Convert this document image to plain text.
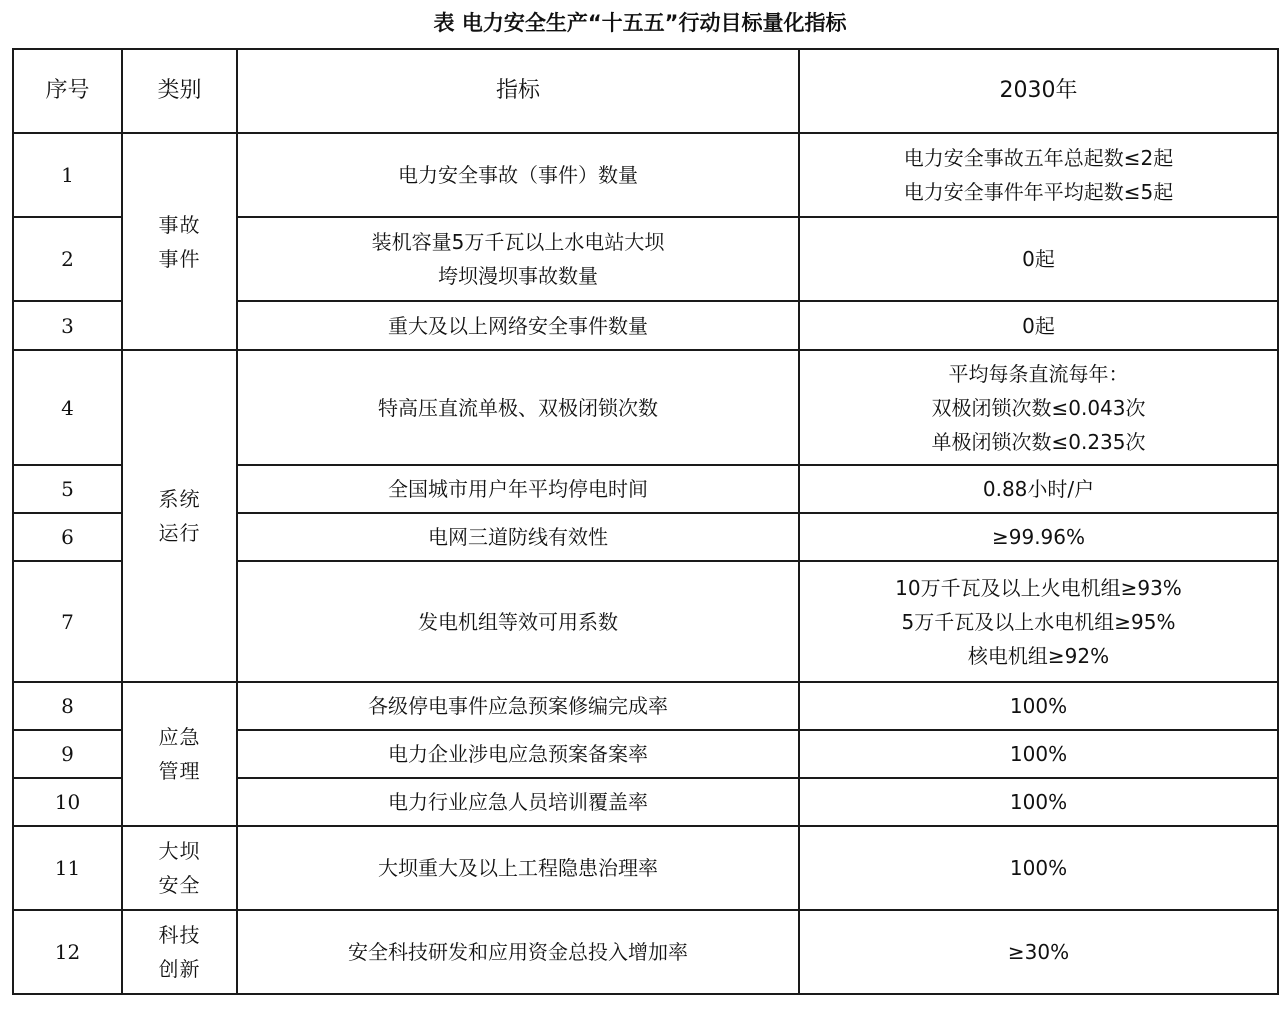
表 电力安全生产“十五五”行动目标量化指标
序号	类别	指标	2030年
1	事故
事件	电力安全事故（事件）数量	电力安全事故五年总起数≤2起
电力安全事件年平均起数≤5起

2		装机容量5万千瓦以上水电站大坝
垮坝漫坝事故数量	0起

3		重大及以上网络安全事件数量	0起

4	系统
运行	特高压直流单极、双极闭锁次数	平均每条直流每年：
双极闭锁次数≤0.043次
单极闭锁次数≤0.235次

5		全国城市用户年平均停电时间	0.88小时/户

6		电网三道防线有效性	≥99.96%

7		发电机组等效可用系数	10万千瓦及以上火电机组≥93%
5万千瓦及以上水电机组≥95%
核电机组≥92%

8	应急
管理	各级停电事件应急预案修编完成率	100%

9		电力企业涉电应急预案备案率	100%

10		电力行业应急人员培训覆盖率	100%

11	大坝
安全	大坝重大及以上工程隐患治理率	100%

12	科技
创新	安全科技研发和应用资金总投入增加率	≥30%
